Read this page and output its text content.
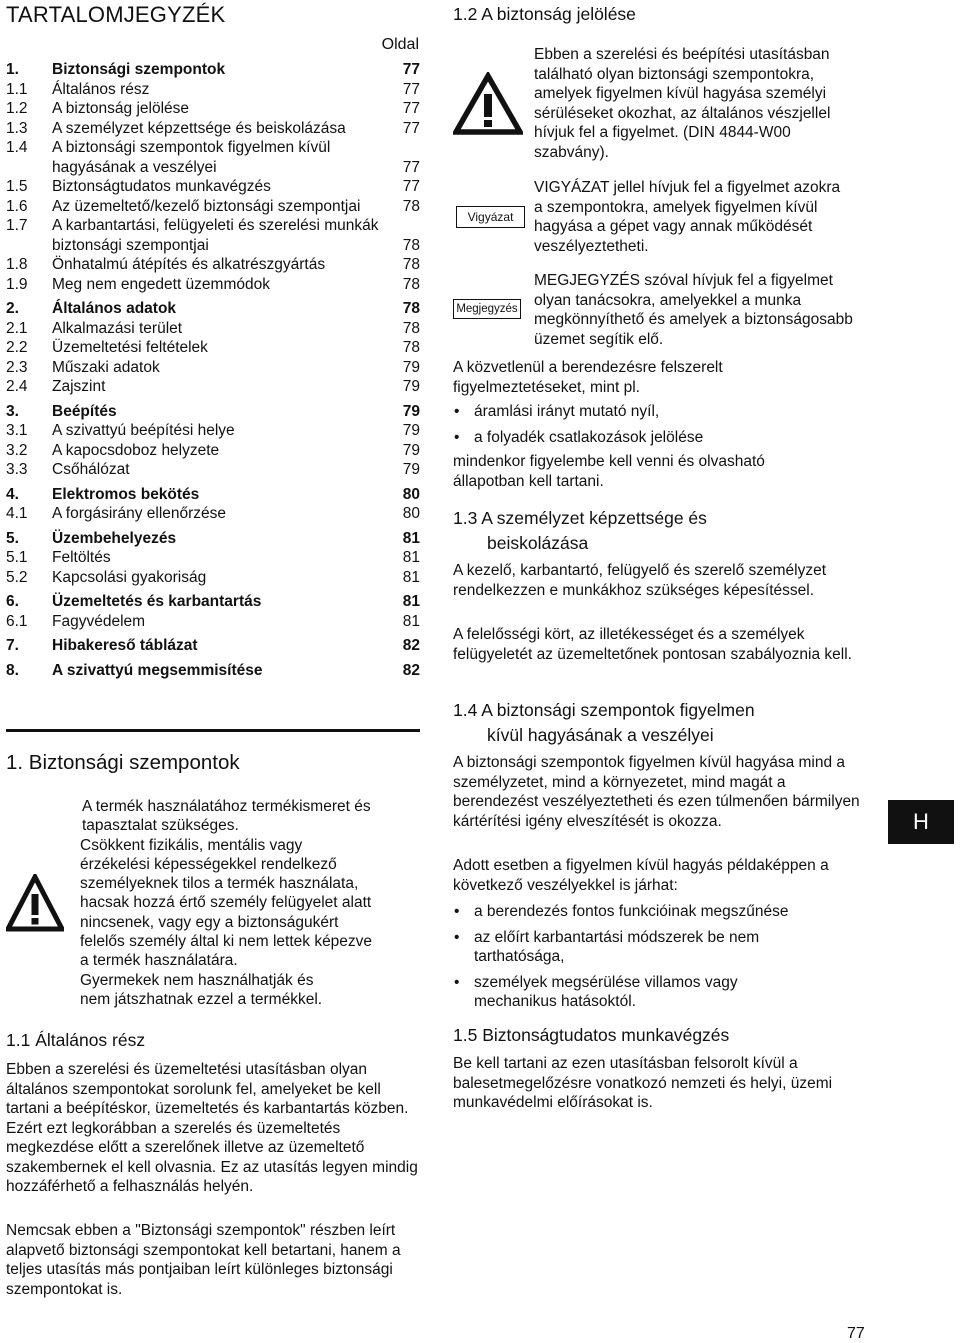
TARTALOMJEGYZÉK
Oldal
1.	Biztonsági szempontok	77
1.1	Általános rész	77
1.2	A biztonság jelölése	77
1.3	A személyzet képzettsége és beiskolázása	77
1.4	A biztonsági szempontok figyelmen kívül hagyásának a veszélyei	77
1.5	Biztonságtudatos munkavégzés	77
1.6	Az üzemeltető/kezelő biztonsági szempontjai	78
1.7	A karbantartási, felügyeleti és szerelési munkák biztonsági szempontjai	78
1.8	Önhatalmú átépítés és alkatrészgyártás	78
1.9	Meg nem engedett üzemmódok	78
2.	Általános adatok	78
2.1	Alkalmazási terület	78
2.2	Üzemeltetési feltételek	78
2.3	Műszaki adatok	79
2.4	Zajszint	79
3.	Beépítés	79
3.1	A szivattyú beépítési helye	79
3.2	A kapocsdoboz helyzete	79
3.3	Csőhálózat	79
4.	Elektromos bekötés	80
4.1	A forgásirány ellenőrzése	80
5.	Üzembehelyezés	81
5.1	Feltöltés	81
5.2	Kapcsolási gyakoriság	81
6.	Üzemeltetés és karbantartás	81
6.1	Fagyvédelem	81
7.	Hibakereső táblázat	82
8.	A szivattyú megsemmisítése	82
1. Biztonsági szempontok
A termék használatához termékismeret és
tapasztalat szükséges.
Csökkent fizikális, mentális vagy
érzékelési képességekkel rendelkező
személyeknek tilos a termék használata,
hacsak hozzá értő személy felügyelet alatt
nincsenek, vagy egy a biztonságukért
felelős személy által ki nem lettek képezve
a termék használatára.
Gyermekek nem használhatják és
nem játszhatnak ezzel a termékkel.
1.1 Általános rész

Ebben a szerelési és üzemeltetési utasításban olyan általános szempontokat sorolunk fel, amelyeket be kell tartani a beépítéskor, üzemeltetés és karbantartás közben. Ezért ezt legkorábban a szerelés és üzemeltetés megkezdése előtt a szerelőnek illetve az üzemeltető szakembernek el kell olvasnia. Ez az utasítás legyen mindig hozzáférhető a felhasználás helyén.

Nemcsak ebben a "Biztonsági szempontok" részben leírt alapvető biztonsági szempontokat kell betartani, hanem a teljes utasítás más pontjaiban leírt különleges biztonsági szempontokat is.

1.2 A biztonság jelölése

Ebben a szerelési és beépítési utasításban található olyan biztonsági szempontokra, amelyek figyelmen kívül hagyása személyi sérüléseket okozhat, az általános vészjellel hívjuk fel a figyelmet. (DIN 4844-W00 szabvány).

Vigyázat

VIGYÁZAT jellel hívjuk fel a figyelmet azokra a szempontokra, amelyek figyelmen kívül hagyása a gépet vagy annak működését veszélyeztetheti.

Megjegyzés

MEGJEGYZÉS szóval hívjuk fel a figyelmet olyan tanácsokra, amelyekkel a munka megkönnyíthető és amelyek a biztonságosabb üzemet segítik elő.

A közvetlenül a berendezésre felszerelt figyelmeztetéseket, mint pl.

• áramlási irányt mutató nyíl,
• a folyadék csatlakozások jelölése

mindenkor figyelembe kell venni és olvasható állapotban kell tartani.

1.3 A személyzet képzettsége és
beiskolázása

A kezelő, karbantartó, felügyelő és szerelő személyzet rendelkezzen e munkákhoz szükséges képesítéssel.

A felelősségi kört, az illetékességet és a személyek felügyeletét az üzemeltetőnek pontosan szabályoznia kell.

1.4 A biztonsági szempontok figyelmen
kívül hagyásának a veszélyei

A biztonsági szempontok figyelmen kívül hagyása mind a személyzetet, mind a környezetet, mind magát a berendezést veszélyeztetheti és ezen túlmenően bármilyen kártérítési igény elveszítését is okozza.

Adott esetben a figyelmen kívül hagyás példaképpen a következő veszélyekkel is járhat:

• a berendezés fontos funkcióinak megszűnése
• az előírt karbantartási módszerek be nem tarthatósága,
• személyek megsérülése villamos vagy mechanikus hatásoktól.
1.5 Biztonságtudatos munkavégzés

Be kell tartani az ezen utasításban felsorolt kívül a balesetmegelőzésre vonatkozó nemzeti és helyi, üzemi munkavédelmi előírásokat is.

H
77
